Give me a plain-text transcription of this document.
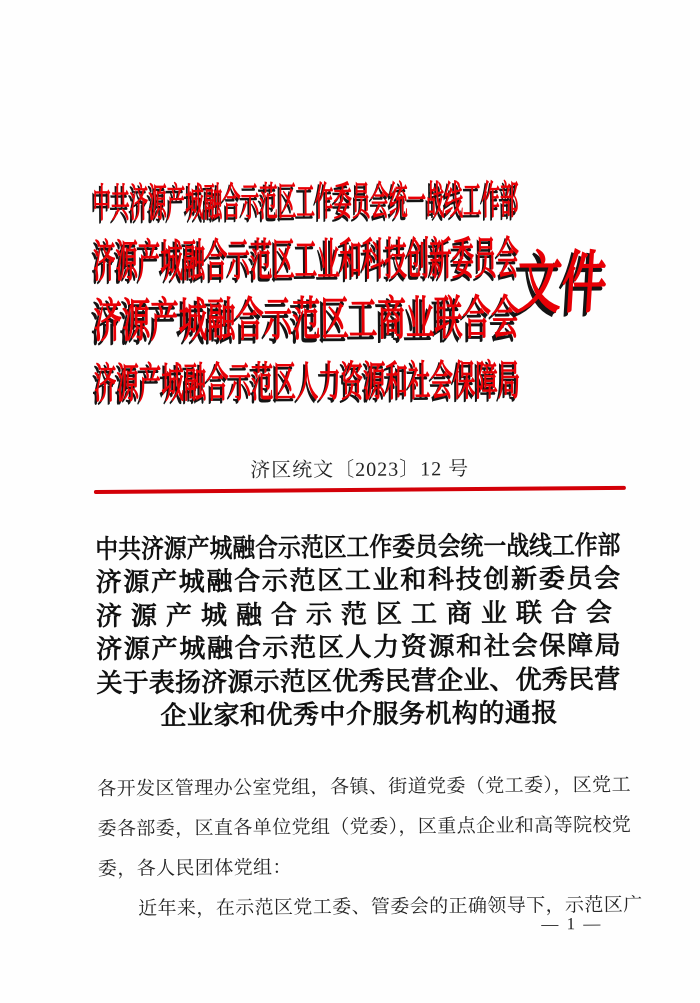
中共济源产城融合示范区工作委员会统一战线工作部
济源产城融合示范区工业和科技创新委员会
济源产城融合示范区工商业联合会
济源产城融合示范区人力资源和社会保障局
文件
济区统文〔2023〕12 号
中共济源产城融合示范区工作委员会统一战线工作部
济源产城融合示范区工业和科技创新委员会
济源产城融合示范区工商业联合会
济源产城融合示范区人力资源和社会保障局
关于表扬济源示范区优秀民营企业、优秀民营
企业家和优秀中介服务机构的通报
各开发区管理办公室党组，各镇、街道党委（党工委），区党工
委各部委，区直各单位党组（党委），区重点企业和高等院校党
委，各人民团体党组：
近年来，在示范区党工委、管委会的正确领导下，示范区广
— 1 —
